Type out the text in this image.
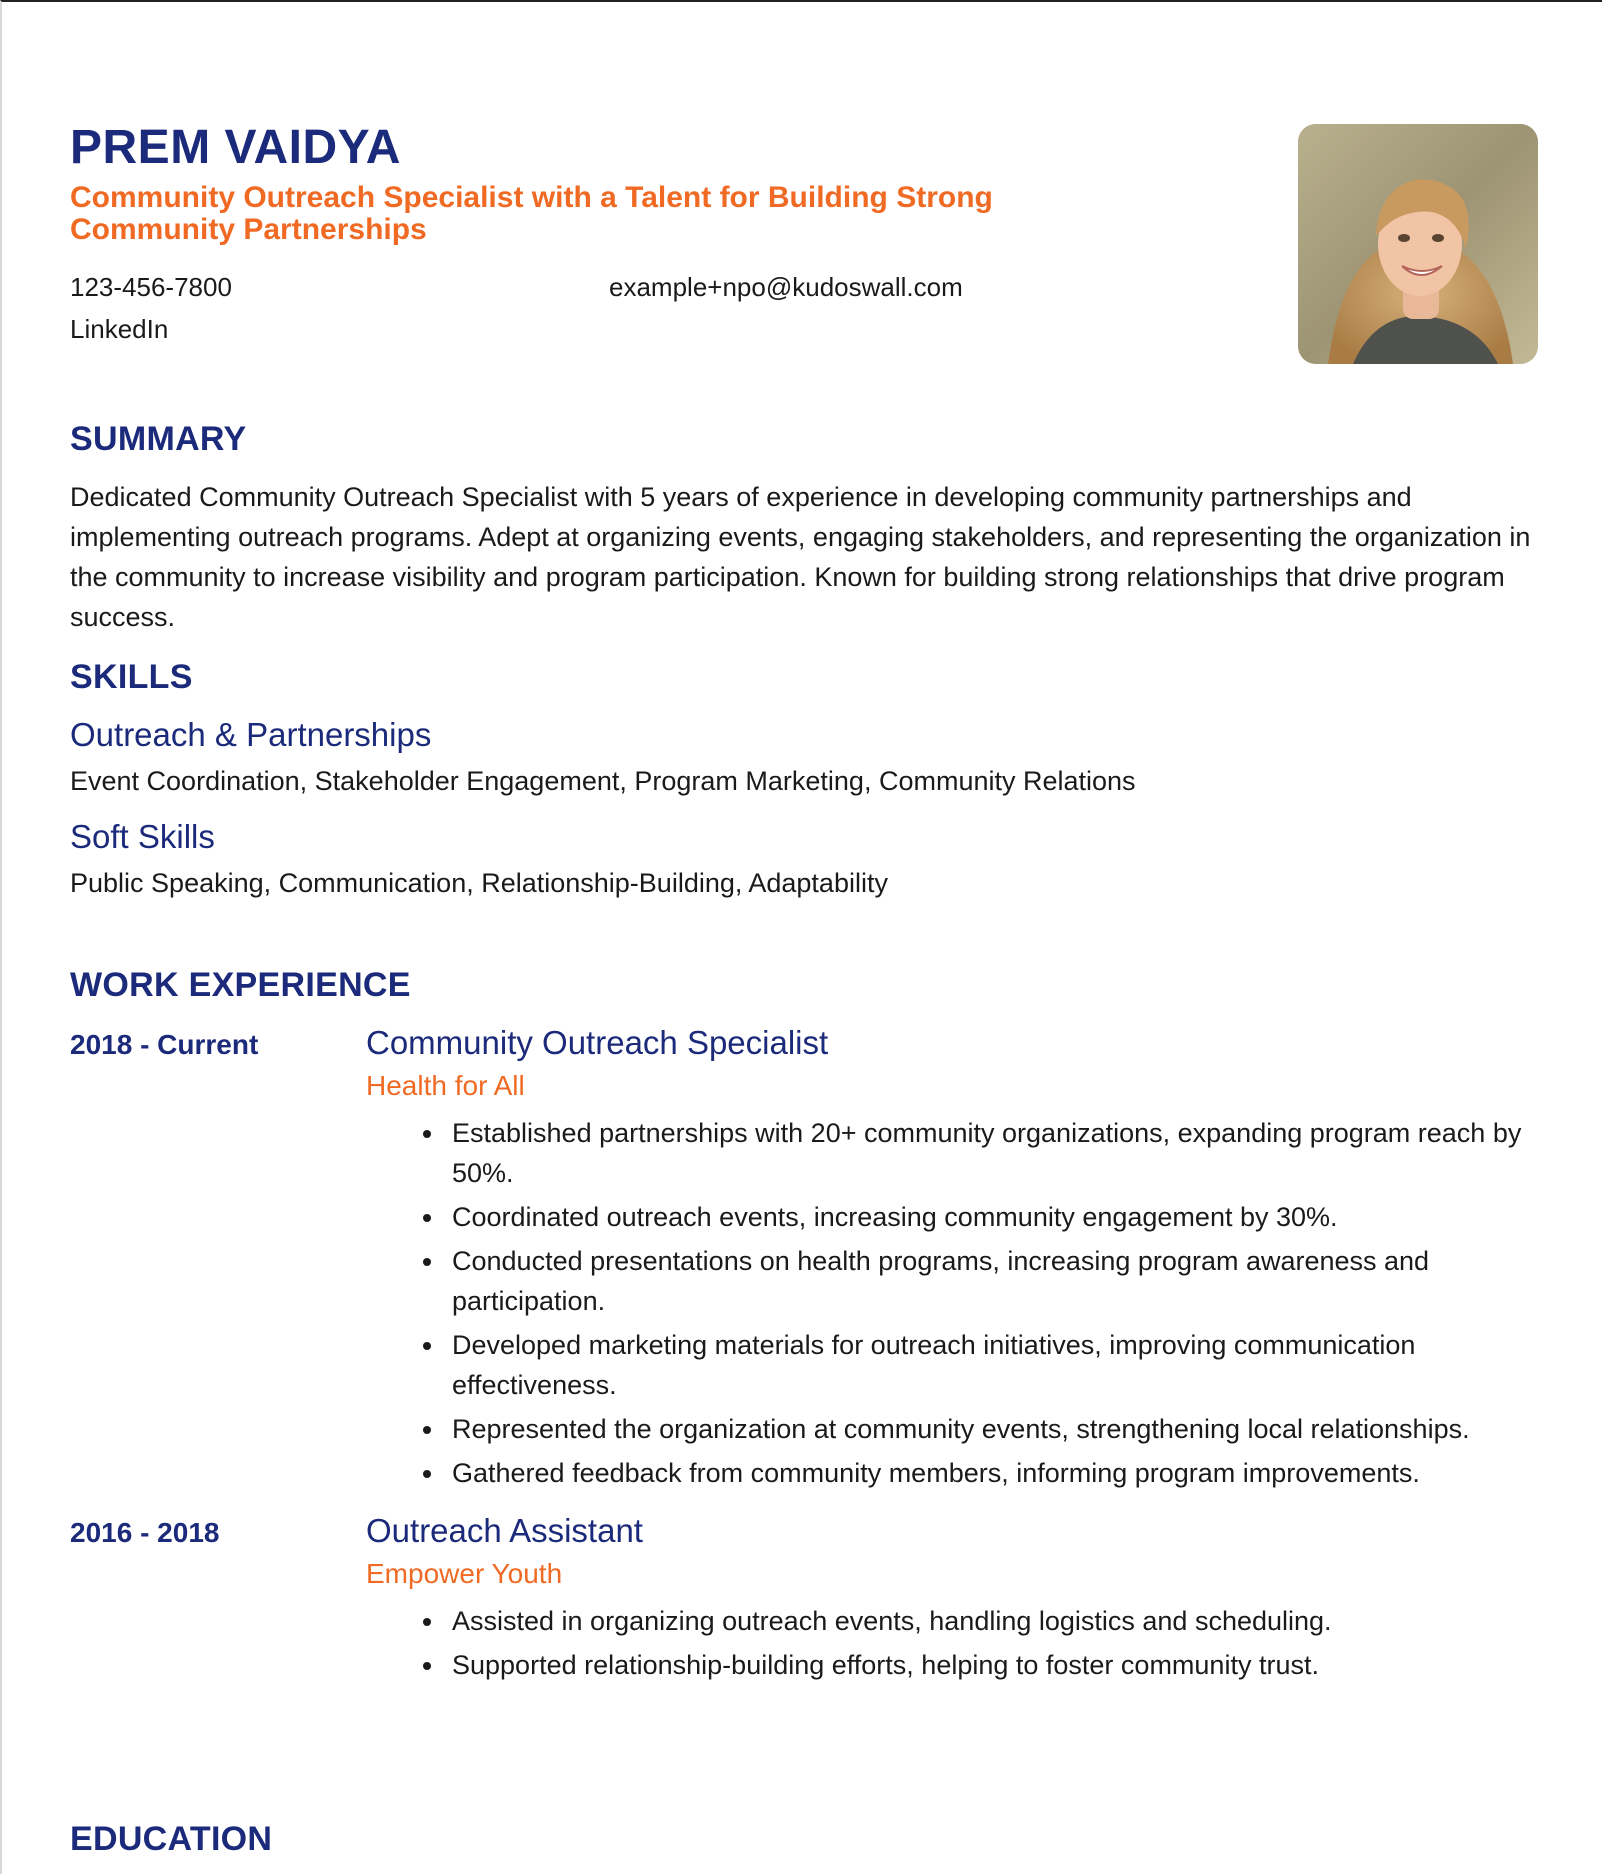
PREM VAIDYA
Community Outreach Specialist with a Talent for Building Strong Community Partnerships
123-456-7800	example+npo@kudoswall.com
LinkedIn
SUMMARY

Dedicated Community Outreach Specialist with 5 years of experience in developing community partnerships and implementing outreach programs. Adept at organizing events, engaging stakeholders, and representing the organization in the community to increase visibility and program participation. Known for building strong relationships that drive program success.

SKILLS
Outreach & Partnerships
Event Coordination, Stakeholder Engagement, Program Marketing, Community Relations
Soft Skills
Public Speaking, Communication, Relationship-Building, Adaptability
WORK EXPERIENCE
2018 - Current	Community Outreach Specialist
Health for All
• Established partnerships with 20+ community organizations, expanding program reach by 50%.
• Coordinated outreach events, increasing community engagement by 30%.
• Conducted presentations on health programs, increasing program awareness and participation.
• Developed marketing materials for outreach initiatives, improving communication effectiveness.
• Represented the organization at community events, strengthening local relationships.
• Gathered feedback from community members, informing program improvements.
2016 - 2018	Outreach Assistant
Empower Youth
• Assisted in organizing outreach events, handling logistics and scheduling.
• Supported relationship-building efforts, helping to foster community trust.
EDUCATION
